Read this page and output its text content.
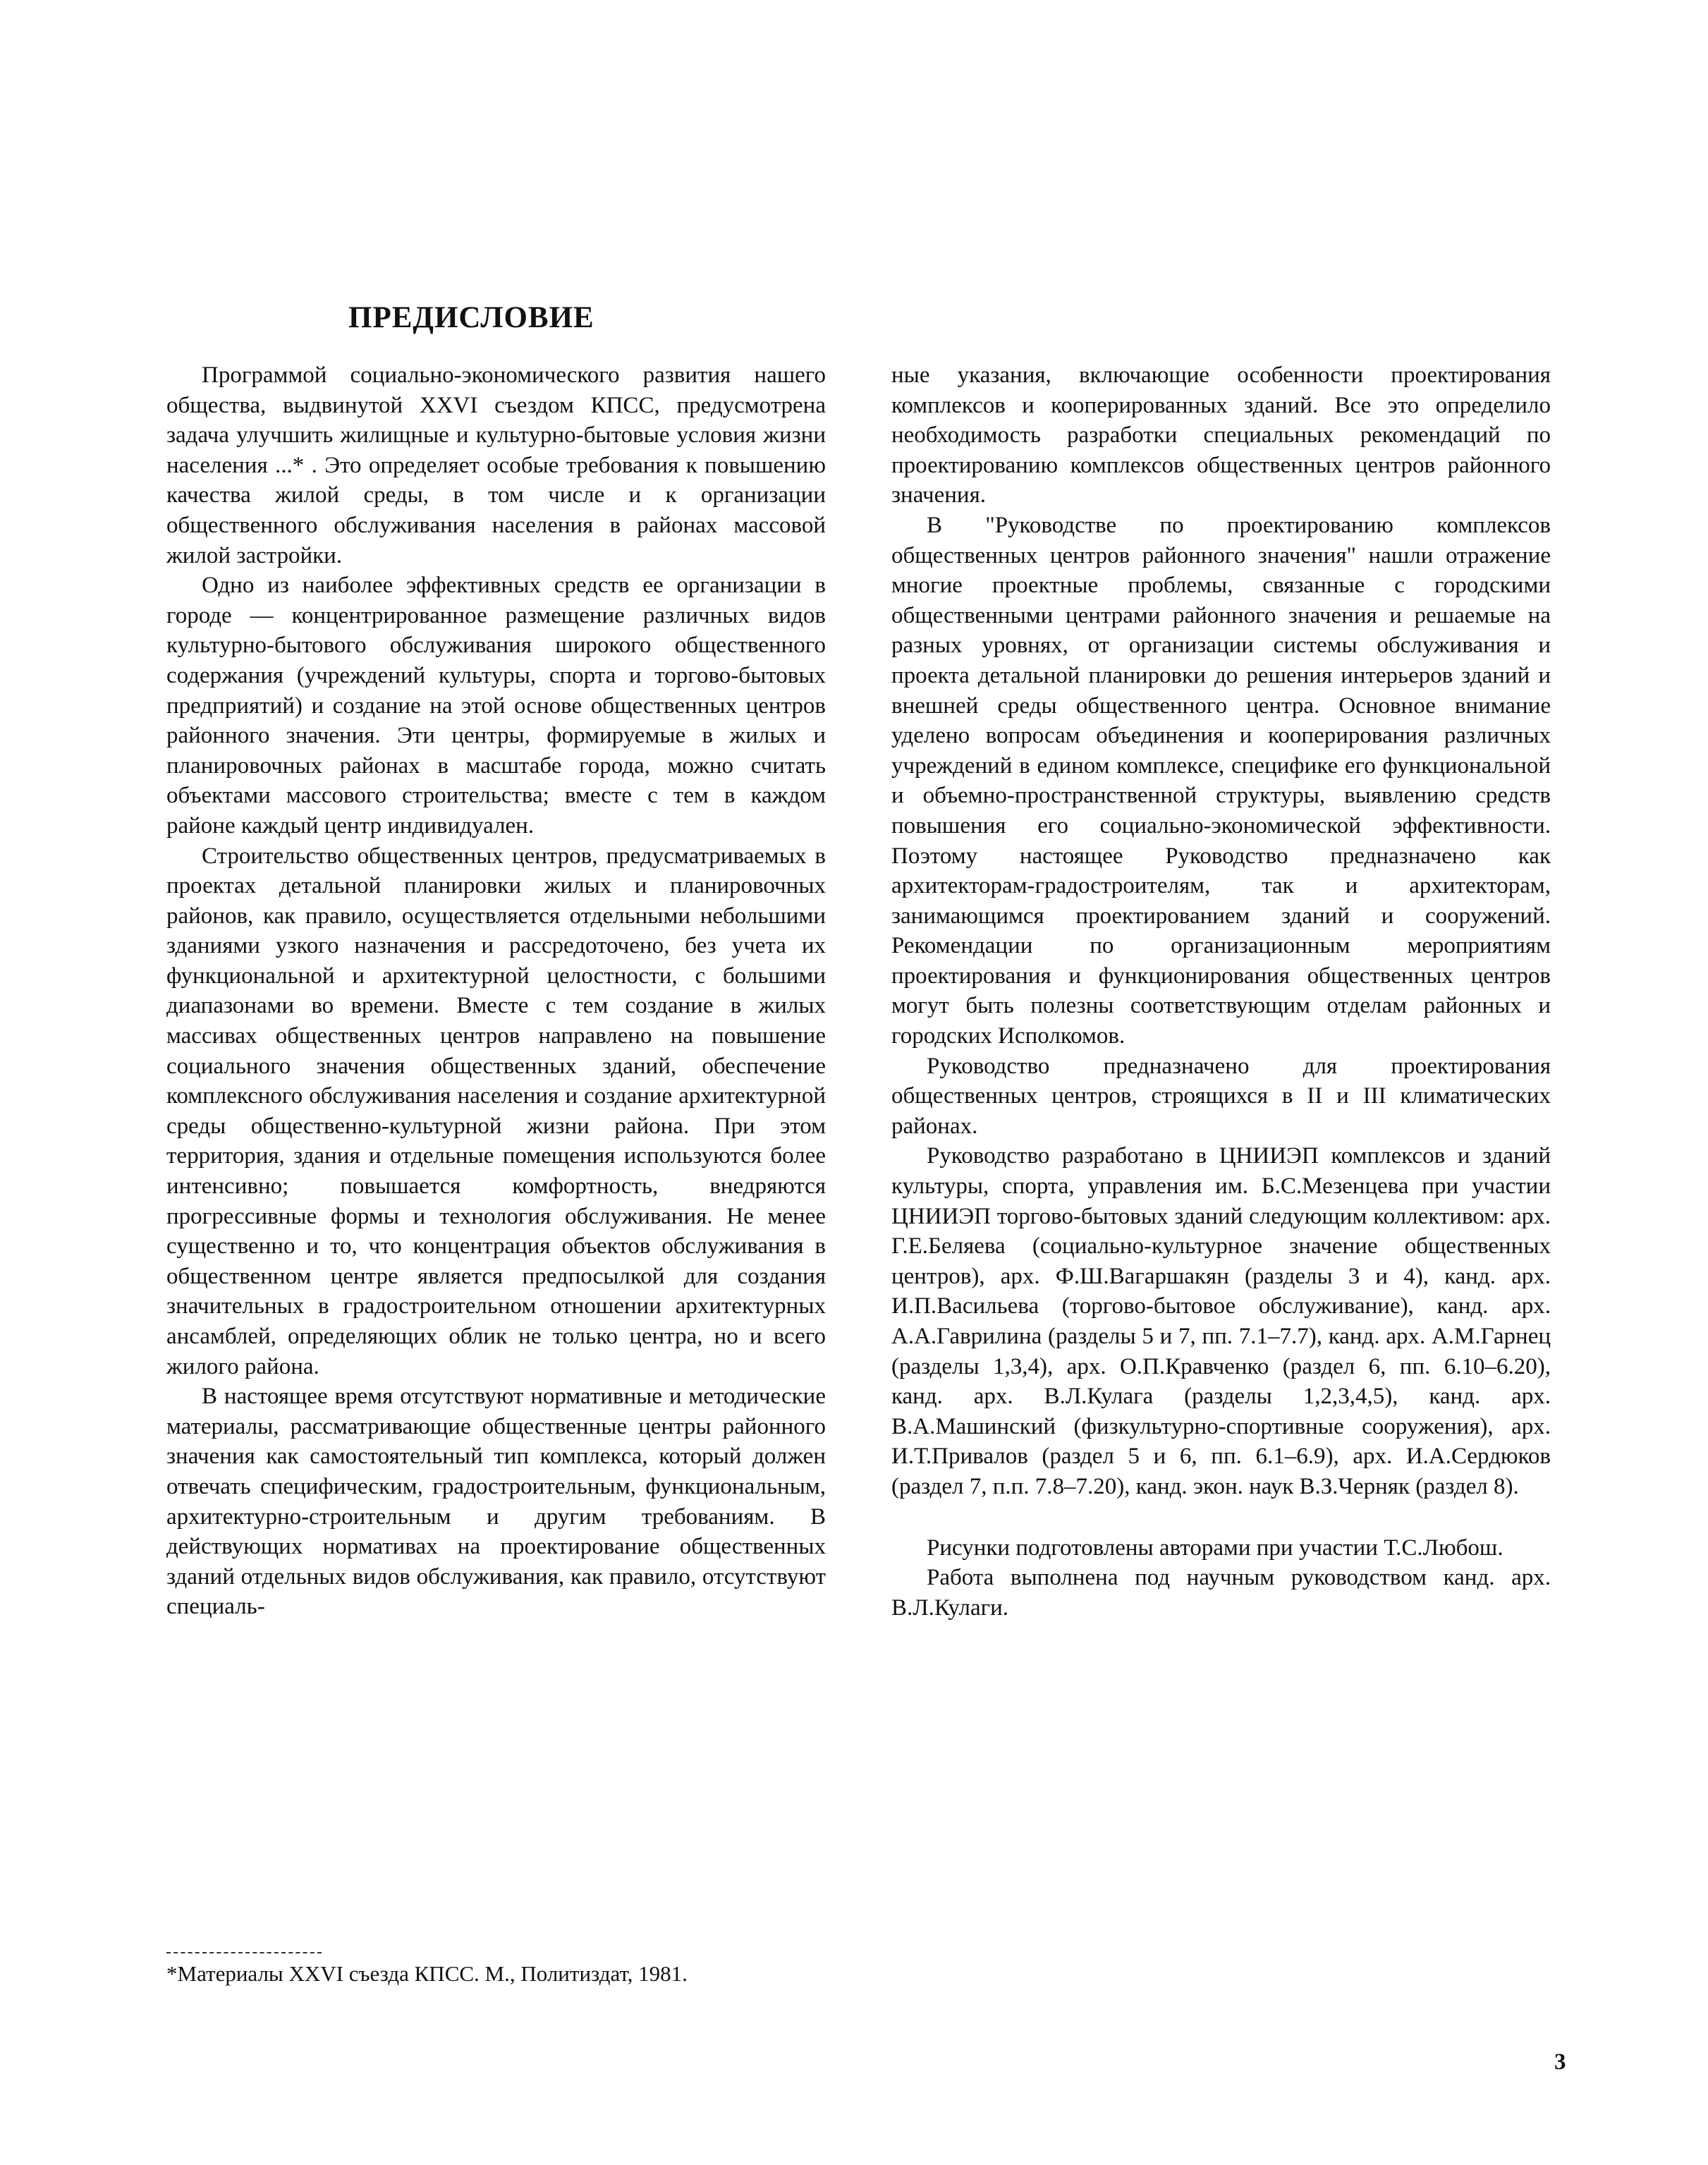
ПРЕДИСЛОВИЕ

Программой социально-экономического развития нашего общества, выдвинутой XXVI съездом КПСС, предусмотрена задача улучшить жилищные и культурно-бытовые условия жизни населения ...* . Это определяет особые требования к повышению качества жилой среды, в том числе и к организации общественного обслуживания населения в районах массовой жилой застройки.

Одно из наиболее эффективных средств ее организации в городе — концентрированное размещение различных видов культурно-бытового обслуживания широкого общественного содержания (учреждений культуры, спорта и торгово-бытовых предприятий) и создание на этой основе общественных центров районного значения. Эти центры, формируемые в жилых и планировочных районах в масштабе города, можно считать объектами массового строительства; вместе с тем в каждом районе каждый центр индивидуален.

Строительство общественных центров, предусматриваемых в проектах детальной планировки жилых и планировочных районов, как правило, осуществляется отдельными небольшими зданиями узкого назначения и рассредоточено, без учета их функциональной и архитектурной целостности, с большими диапазонами во времени. Вместе с тем создание в жилых массивах общественных центров направлено на повышение социального значения общественных зданий, обеспечение комплексного обслуживания населения и создание архитектурной среды общественно-культурной жизни района. При этом территория, здания и отдельные помещения используются более интенсивно; повышается комфортность, внедряются прогрессивные формы и технология обслуживания. Не менее существенно и то, что концентрация объектов обслуживания в общественном центре является предпосылкой для создания значительных в градостроительном отношении архитектурных ансамблей, определяющих облик не только центра, но и всего жилого района.

В настоящее время отсутствуют нормативные и методические материалы, рассматривающие общественные центры районного значения как самостоятельный тип комплекса, который должен отвечать специфическим, градостроительным, функциональным, архитектурно-строительным и другим требованиям. В действующих нормативах на проектирование общественных зданий отдельных видов обслуживания, как правило, отсутствуют специаль-

ные указания, включающие особенности проектирования комплексов и кооперированных зданий. Все это определило необходимость разработки специальных рекомендаций по проектированию комплексов общественных центров районного значения.

В "Руководстве по проектированию комплексов общественных центров районного значения" нашли отражение многие проектные проблемы, связанные с городскими общественными центрами районного значения и решаемые на разных уровнях, от организации системы обслуживания и проекта детальной планировки до решения интерьеров зданий и внешней среды общественного центра. Основное внимание уделено вопросам объединения и кооперирования различных учреждений в едином комплексе, специфике его функциональной и объемно-пространственной структуры, выявлению средств повышения его социально-экономической эффективности. Поэтому настоящее Руководство предназначено как архитекторам-градостроителям, так и архитекторам, занимающимся проектированием зданий и сооружений. Рекомендации по организационным мероприятиям проектирования и функционирования общественных центров могут быть полезны соответствующим отделам районных и городских Исполкомов.

Руководство предназначено для проектирования общественных центров, строящихся в II и III климатических районах.

Руководство разработано в ЦНИИЭП комплексов и зданий культуры, спорта, управления им. Б.С.Мезенцева при участии ЦНИИЭП торгово-бытовых зданий следующим коллективом: арх. Г.Е.Беляева (социально-культурное значение общественных центров), арх. Ф.Ш.Вагаршакян (разделы 3 и 4), канд. арх. И.П.Васильева (торгово-бытовое обслуживание), канд. арх. А.А.Гаврилина (разделы 5 и 7, пп. 7.1–7.7), канд. арх. А.М.Гарнец (разделы 1,3,4), арх. О.П.Кравченко (раздел 6, пп. 6.10–6.20), канд. арх. В.Л.Кулага (разделы 1,2,3,4,5), канд. арх. В.А.Машинский (физкультурно-спортивные сооружения), арх. И.Т.Привалов (раздел 5 и 6, пп. 6.1–6.9), арх. И.А.Сердюков (раздел 7, п.п. 7.8–7.20), канд. экон. наук В.З.Черняк (раздел 8).

Рисунки подготовлены авторами при участии Т.С.Любош.

Работа выполнена под научным руководством канд. арх. В.Л.Кулаги.

*Материалы XXVI съезда КПСС. М., Политиздат, 1981.

3
